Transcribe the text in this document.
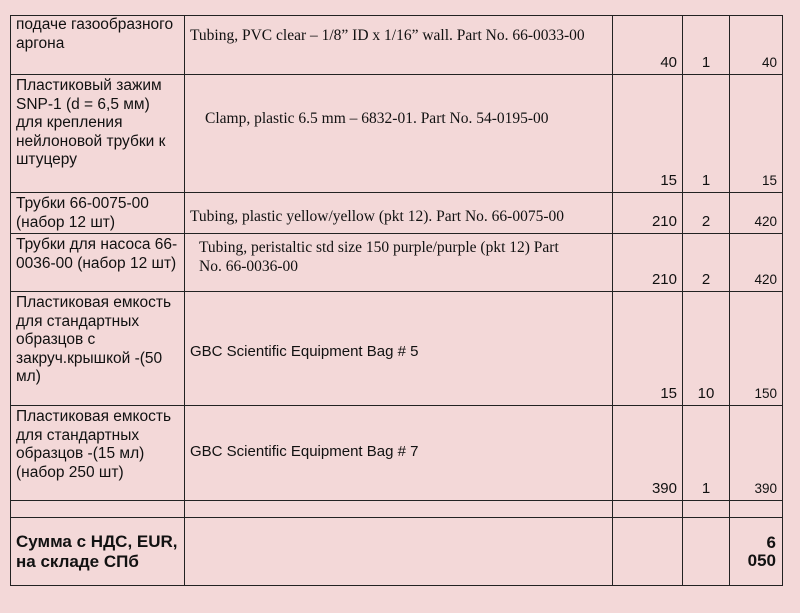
подаче газообразного аргона	Tubing, PVC clear – 1/8” ID x 1/16” wall. Part No. 66-0033-00	40	1	40
Пластиковый зажим SNP-1 (d = 6,5 мм) для крепления нейлоновой трубки к штуцеру	Clamp, plastic 6.5 mm – 6832-01. Part No. 54-0195-00	15	1	15
Трубки 66-0075-00 (набор 12 шт)	Tubing, plastic yellow/yellow (pkt 12). Part No. 66-0075-00	210	2	420
Трубки для насоса 66-0036-00 (набор 12 шт)	Tubing, peristaltic std size 150 purple/purple (pkt 12) Part No. 66-0036-00	210	2	420
Пластиковая емкость для стандартных образцов с закруч.крышкой -(50 мл)	GBC Scientific Equipment Bag # 5	15	10	150
Пластиковая емкость для стандартных образцов -(15 мл) (набор 250 шт)	GBC Scientific Equipment Bag # 7	390	1	390

Сумма с НДС, EUR, на складе СПб				6 050
